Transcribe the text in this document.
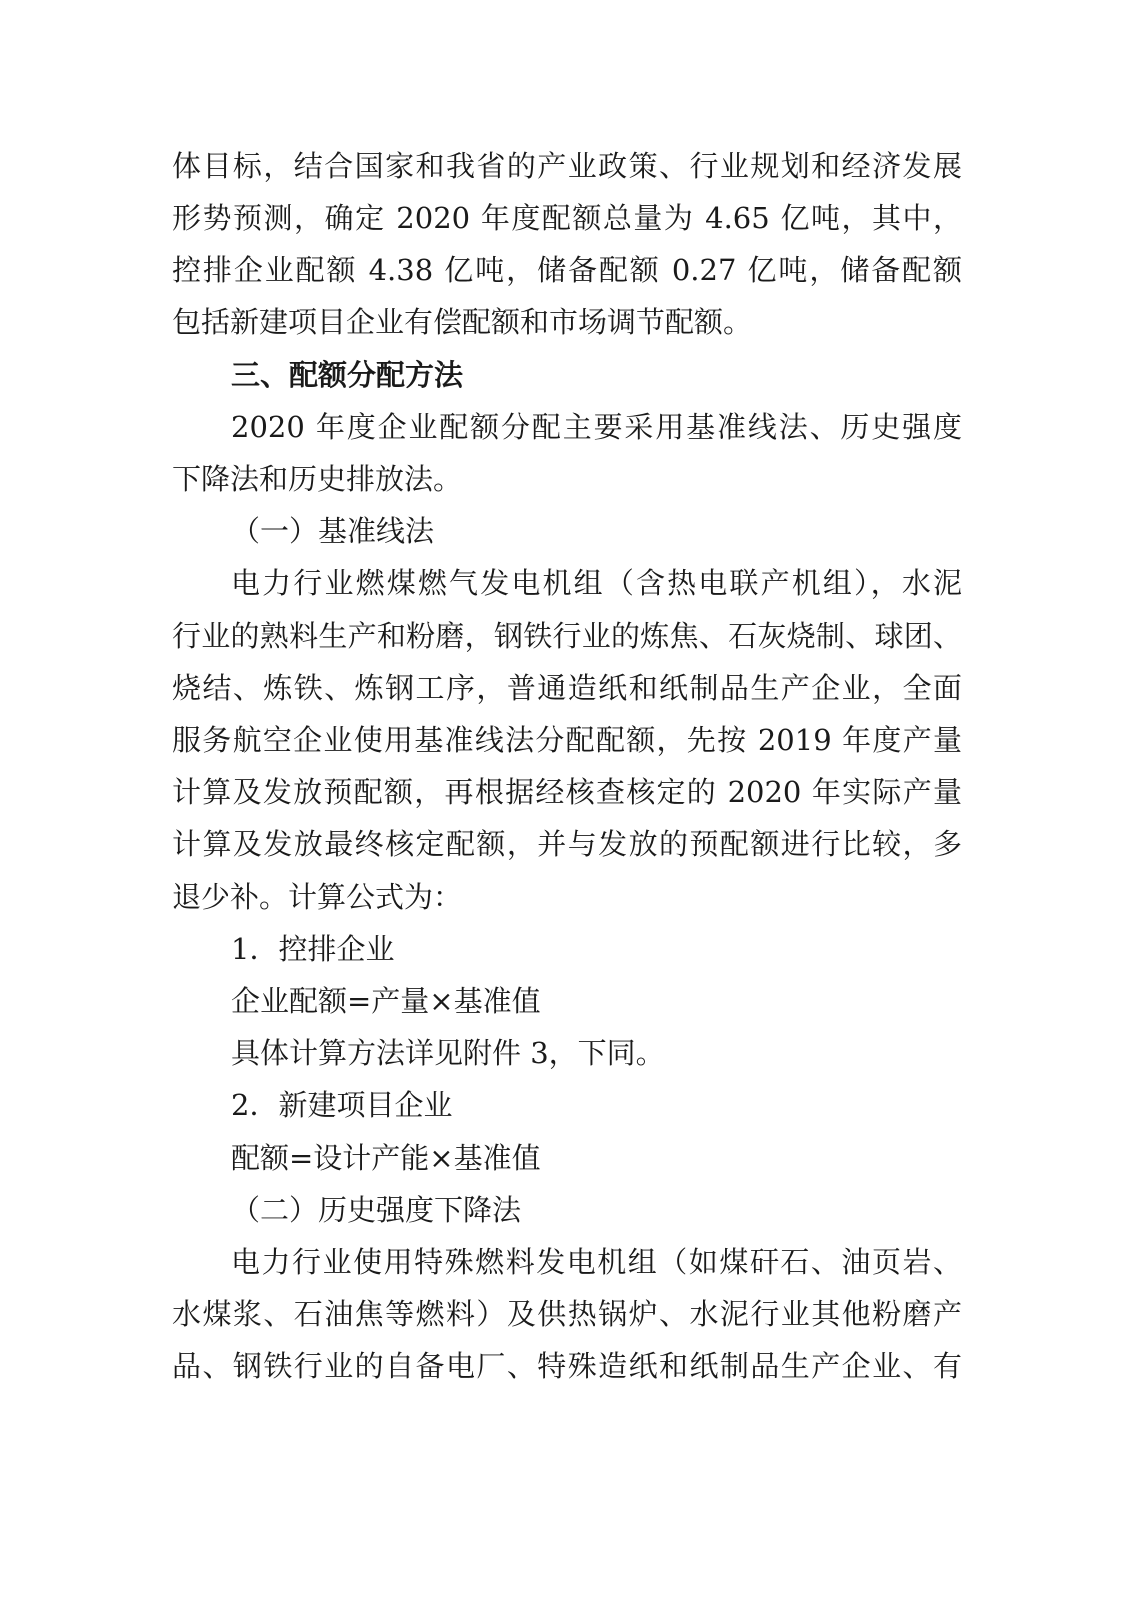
体目标，结合国家和我省的产业政策、行业规划和经济发展
形势预测，确定 2020 年度配额总量为 4.65 亿吨，其中，
控排企业配额 4.38 亿吨，储备配额 0.27 亿吨，储备配额
包括新建项目企业有偿配额和市场调节配额。
三、配额分配方法
2020 年度企业配额分配主要采用基准线法、历史强度
下降法和历史排放法。
（一）基准线法
电力行业燃煤燃气发电机组（含热电联产机组），水泥
行业的熟料生产和粉磨，钢铁行业的炼焦、石灰烧制、球团、
烧结、炼铁、炼钢工序，普通造纸和纸制品生产企业，全面
服务航空企业使用基准线法分配配额，先按 2019 年度产量
计算及发放预配额，再根据经核查核定的 2020 年实际产量
计算及发放最终核定配额，并与发放的预配额进行比较，多
退少补。计算公式为：
1．控排企业
企业配额=产量×基准值
具体计算方法详见附件 3，下同。
2．新建项目企业
配额=设计产能×基准值
（二）历史强度下降法
电力行业使用特殊燃料发电机组（如煤矸石、油页岩、
水煤浆、石油焦等燃料）及供热锅炉、水泥行业其他粉磨产
品、钢铁行业的自备电厂、特殊造纸和纸制品生产企业、有
